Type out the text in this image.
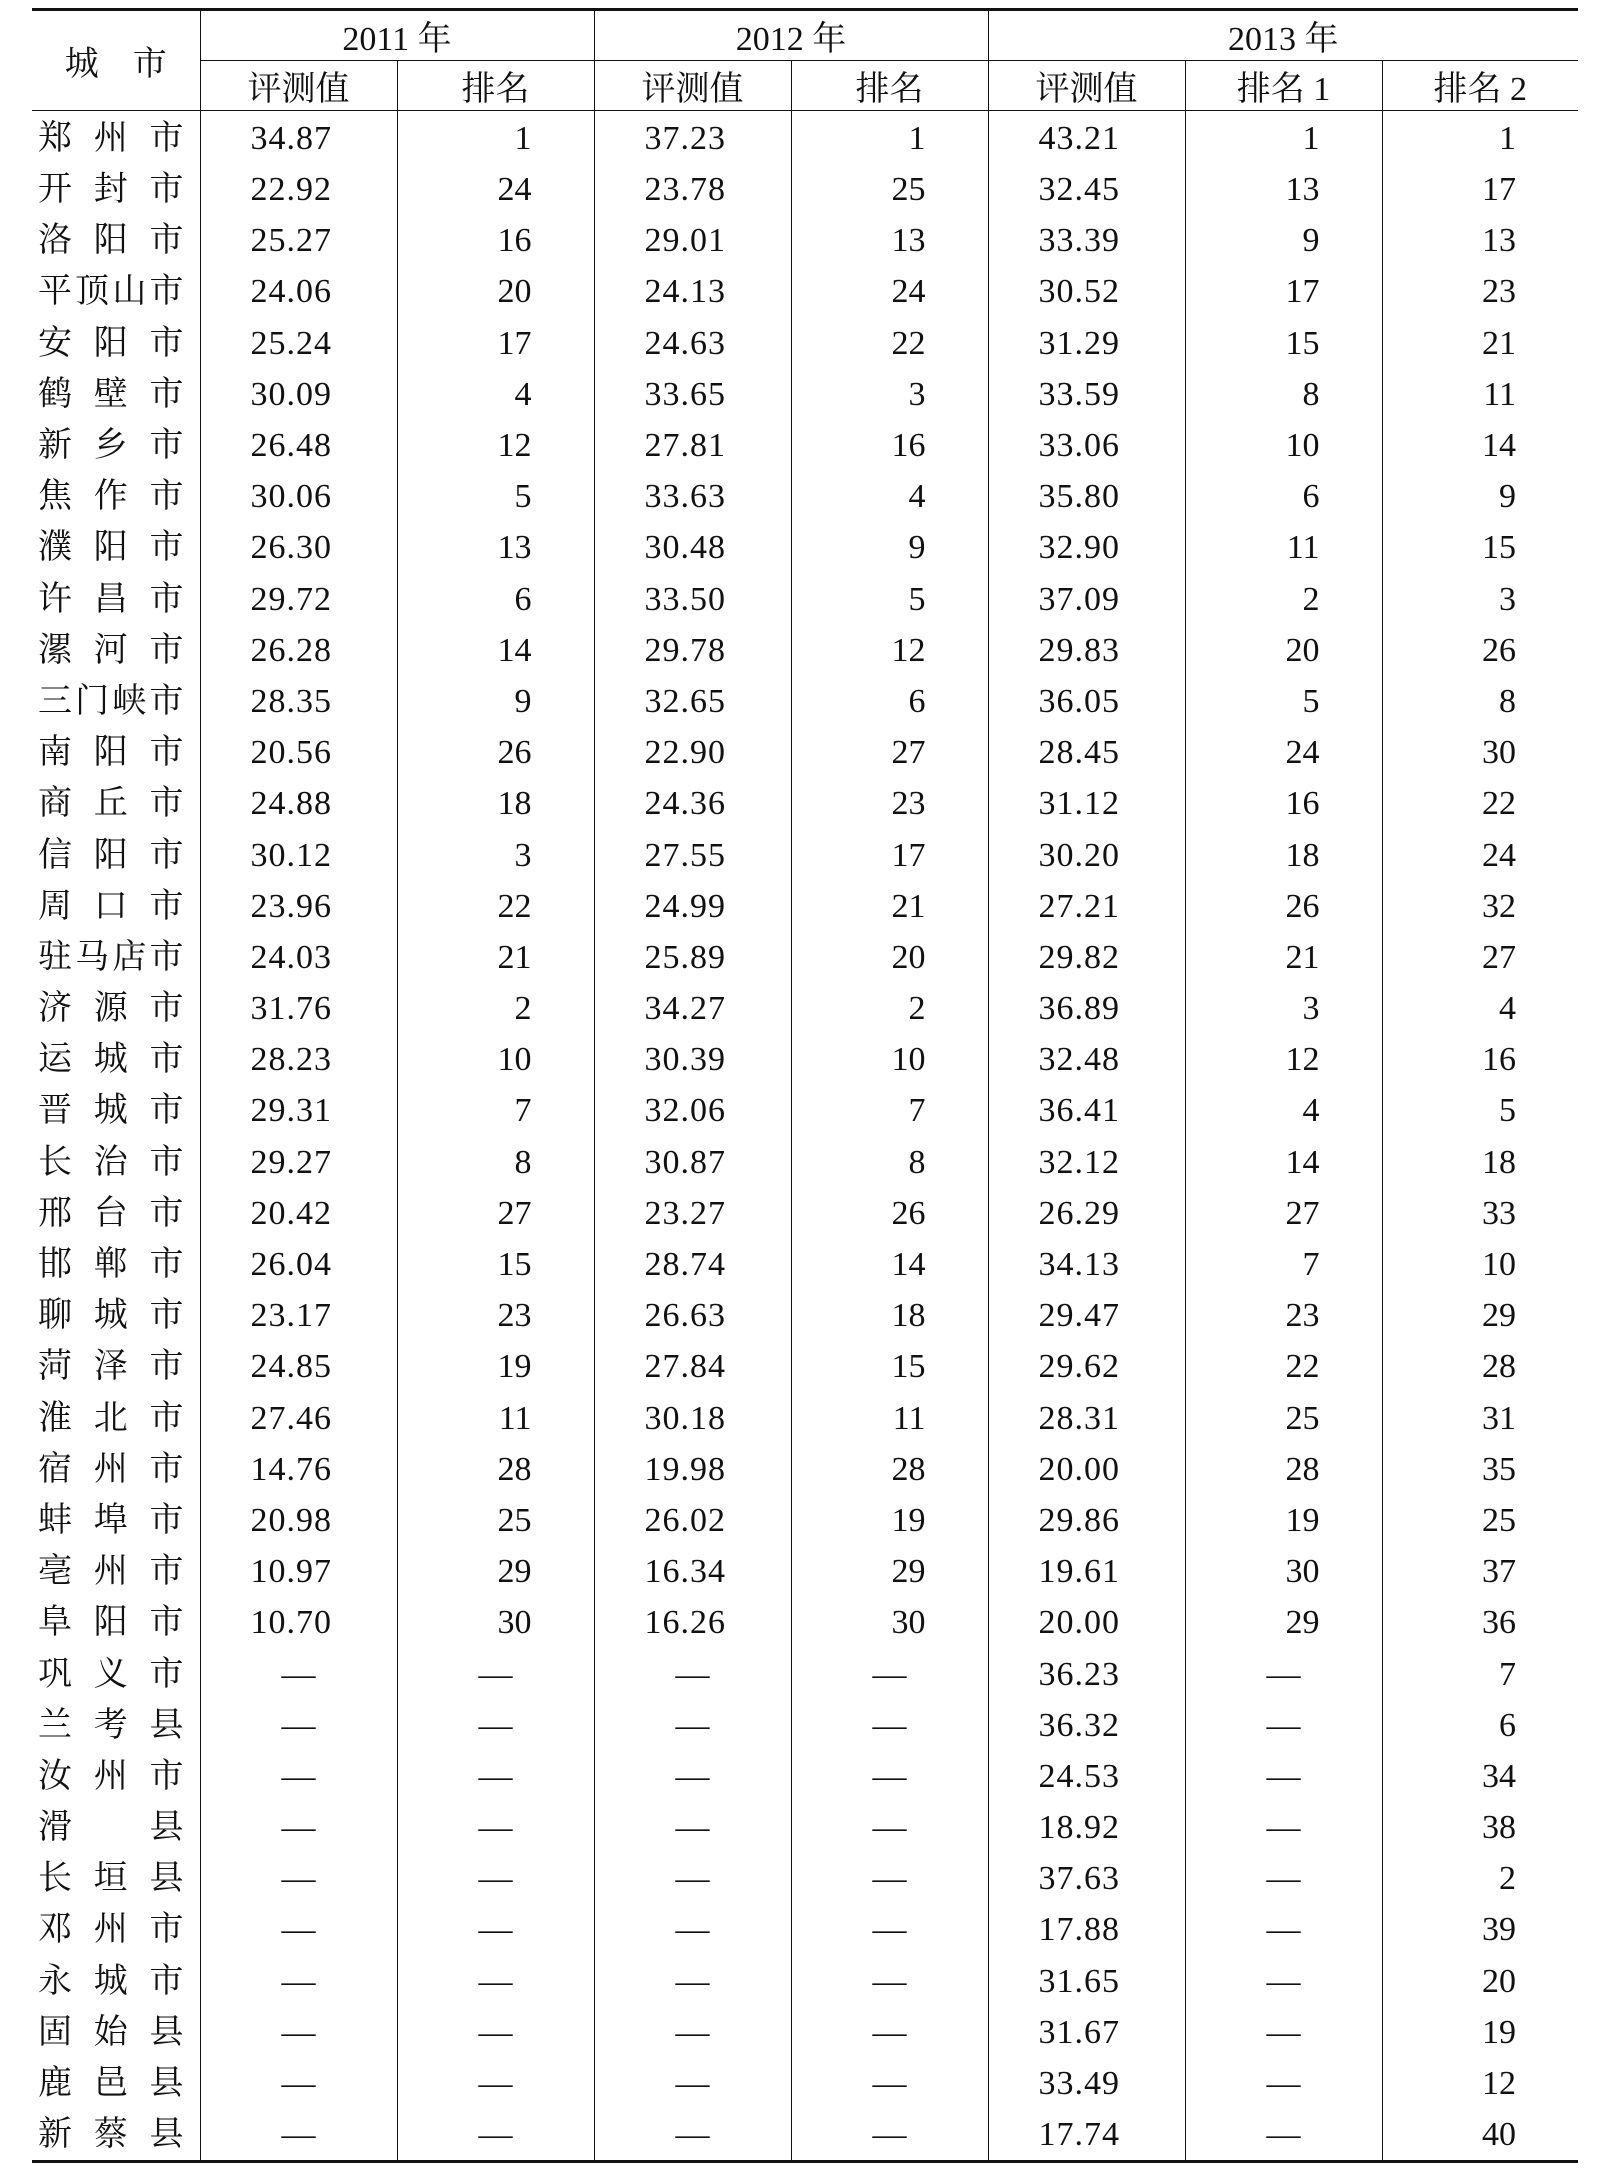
城　市	2011 年		2012 年		2013 年		
	评测值	排名	评测值	排名	评测值	排名 1	排名 2
郑州市	34.87	1	37.23	1	43.21	1	1
开封市	22.92	24	23.78	25	32.45	13	17
洛阳市	25.27	16	29.01	13	33.39	9	13
平顶山市	24.06	20	24.13	24	30.52	17	23
安阳市	25.24	17	24.63	22	31.29	15	21
鹤壁市	30.09	4	33.65	3	33.59	8	11
新乡市	26.48	12	27.81	16	33.06	10	14
焦作市	30.06	5	33.63	4	35.80	6	9
濮阳市	26.30	13	30.48	9	32.90	11	15
许昌市	29.72	6	33.50	5	37.09	2	3
漯河市	26.28	14	29.78	12	29.83	20	26
三门峡市	28.35	9	32.65	6	36.05	5	8
南阳市	20.56	26	22.90	27	28.45	24	30
商丘市	24.88	18	24.36	23	31.12	16	22
信阳市	30.12	3	27.55	17	30.20	18	24
周口市	23.96	22	24.99	21	27.21	26	32
驻马店市	24.03	21	25.89	20	29.82	21	27
济源市	31.76	2	34.27	2	36.89	3	4
运城市	28.23	10	30.39	10	32.48	12	16
晋城市	29.31	7	32.06	7	36.41	4	5
长治市	29.27	8	30.87	8	32.12	14	18
邢台市	20.42	27	23.27	26	26.29	27	33
邯郸市	26.04	15	28.74	14	34.13	7	10
聊城市	23.17	23	26.63	18	29.47	23	29
菏泽市	24.85	19	27.84	15	29.62	22	28
淮北市	27.46	11	30.18	11	28.31	25	31
宿州市	14.76	28	19.98	28	20.00	28	35
蚌埠市	20.98	25	26.02	19	29.86	19	25
亳州市	10.97	29	16.34	29	19.61	30	37
阜阳市	10.70	30	16.26	30	20.00	29	36
巩义市	—	—	—	—	36.23	—	7
兰考县	—	—	—	—	36.32	—	6
汝州市	—	—	—	—	24.53	—	34
滑县	—	—	—	—	18.92	—	38
长垣县	—	—	—	—	37.63	—	2
邓州市	—	—	—	—	17.88	—	39
永城市	—	—	—	—	31.65	—	20
固始县	—	—	—	—	31.67	—	19
鹿邑县	—	—	—	—	33.49	—	12
新蔡县	—	—	—	—	17.74	—	40
